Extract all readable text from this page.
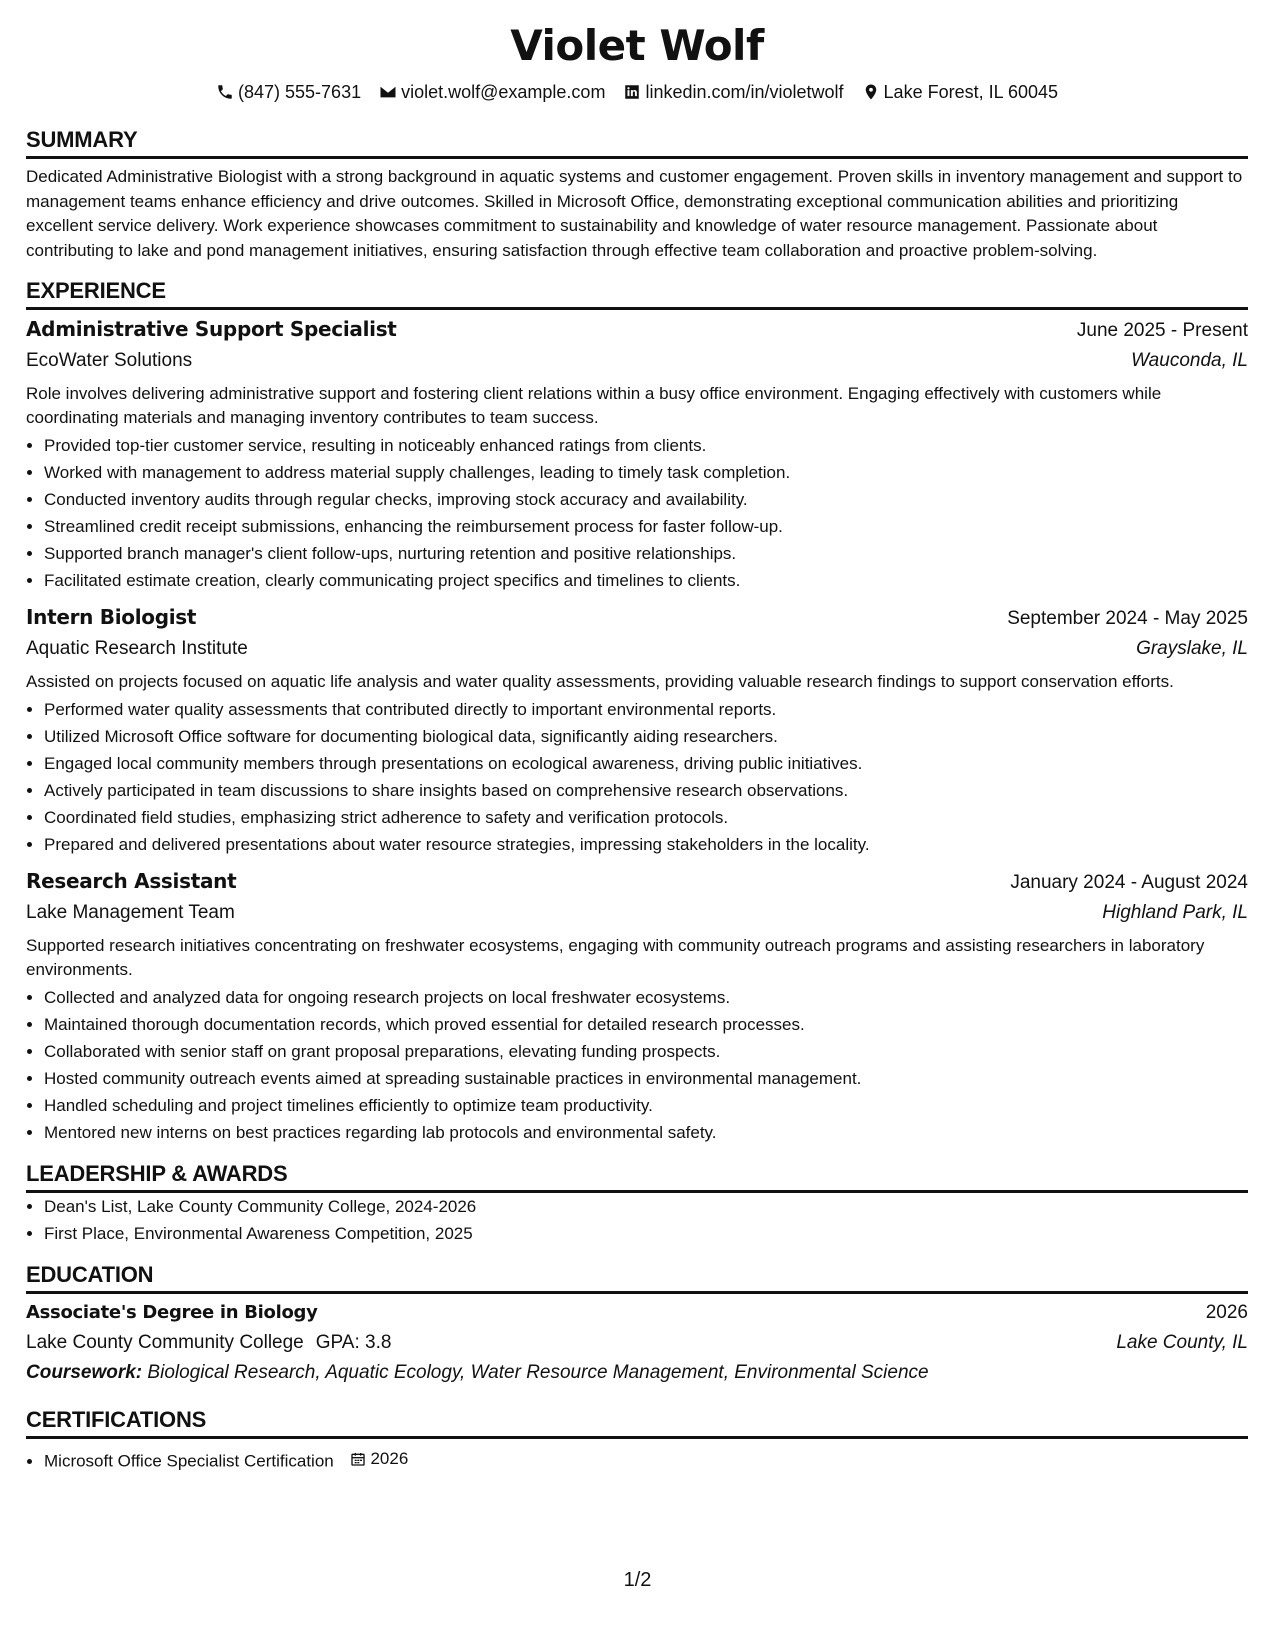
Violet Wolf
(847) 555-7631 violet.wolf@example.com linkedin.com/in/violetwolf Lake Forest, IL 60045
SUMMARY

Dedicated Administrative Biologist with a strong background in aquatic systems and customer engagement. Proven skills in inventory management and support to management teams enhance efficiency and drive outcomes. Skilled in Microsoft Office, demonstrating exceptional communication abilities and prioritizing excellent service delivery. Work experience showcases commitment to sustainability and knowledge of water resource management. Passionate about contributing to lake and pond management initiatives, ensuring satisfaction through effective team collaboration and proactive problem-solving.

EXPERIENCE
Administrative Support Specialist	June 2025 - Present
EcoWater Solutions	Wauconda, IL

Role involves delivering administrative support and fostering client relations within a busy office environment. Engaging effectively with customers while coordinating materials and managing inventory contributes to team success.

• Provided top-tier customer service, resulting in noticeably enhanced ratings from clients.
• Worked with management to address material supply challenges, leading to timely task completion.
• Conducted inventory audits through regular checks, improving stock accuracy and availability.
• Streamlined credit receipt submissions, enhancing the reimbursement process for faster follow-up.
• Supported branch manager's client follow-ups, nurturing retention and positive relationships.
• Facilitated estimate creation, clearly communicating project specifics and timelines to clients.
Intern Biologist	September 2024 - May 2025
Aquatic Research Institute	Grayslake, IL

Assisted on projects focused on aquatic life analysis and water quality assessments, providing valuable research findings to support conservation efforts.

• Performed water quality assessments that contributed directly to important environmental reports.
• Utilized Microsoft Office software for documenting biological data, significantly aiding researchers.
• Engaged local community members through presentations on ecological awareness, driving public initiatives.
• Actively participated in team discussions to share insights based on comprehensive research observations.
• Coordinated field studies, emphasizing strict adherence to safety and verification protocols.
• Prepared and delivered presentations about water resource strategies, impressing stakeholders in the locality.
Research Assistant	January 2024 - August 2024
Lake Management Team	Highland Park, IL

Supported research initiatives concentrating on freshwater ecosystems, engaging with community outreach programs and assisting researchers in laboratory environments.

• Collected and analyzed data for ongoing research projects on local freshwater ecosystems.
• Maintained thorough documentation records, which proved essential for detailed research processes.
• Collaborated with senior staff on grant proposal preparations, elevating funding prospects.
• Hosted community outreach events aimed at spreading sustainable practices in environmental management.
• Handled scheduling and project timelines efficiently to optimize team productivity.
• Mentored new interns on best practices regarding lab protocols and environmental safety.
LEADERSHIP & AWARDS
• Dean's List, Lake County Community College, 2024-2026
• First Place, Environmental Awareness Competition, 2025
EDUCATION
Associate's Degree in Biology	2026
Lake County Community College GPA: 3.8	Lake County, IL
Coursework: Biological Research, Aquatic Ecology, Water Resource Management, Environmental Science
CERTIFICATIONS
• Microsoft Office Specialist Certification 2026
1/2
